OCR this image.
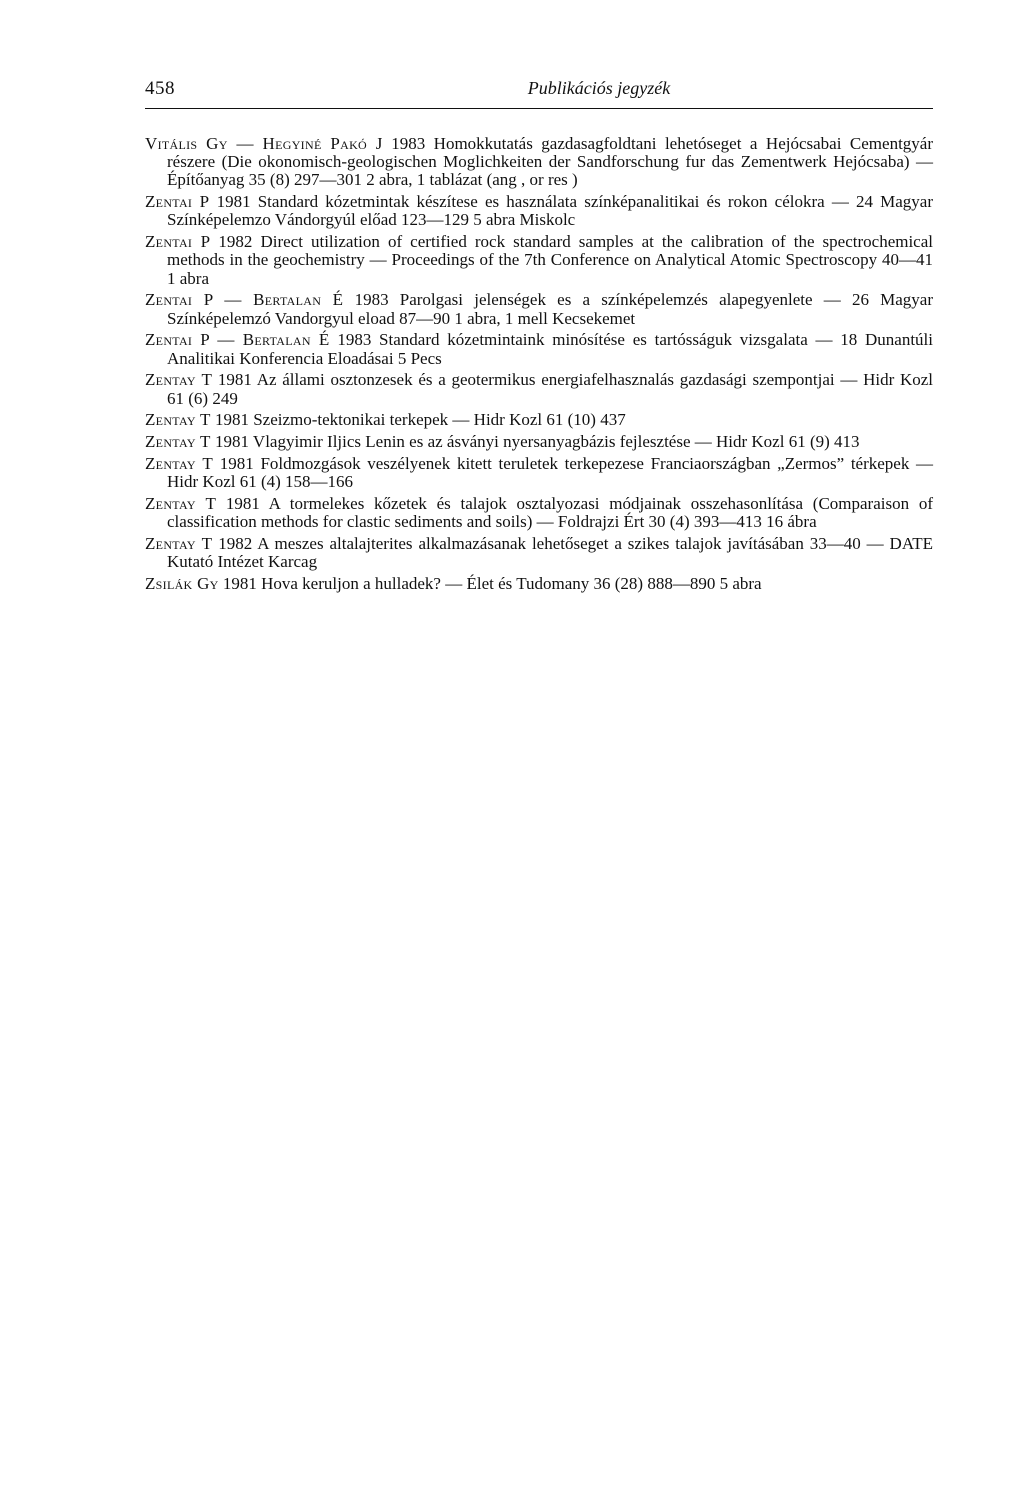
458	Publikációs jegyzék

Vitális Gy — Hegyiné Pakó J 1983 Homokkutatás gazdasagfoldtani lehetóseget a Hejócsabai Cementgyár részere (Die okonomisch-geologischen Moglichkeiten der Sandforschung fur das Zementwerk Hejócsaba) — Építőanyag 35 (8) 297—301 2 abra, 1 tablázat (ang , or res )

Zentai P 1981 Standard kózetmintak készítese es használata színképanalitikai és rokon célokra — 24 Magyar Színképelemzo Vándorgyúl előad 123—129 5 abra Miskolc

Zentai P 1982 Direct utilization of certified rock standard samples at the calibration of the spectrochemical methods in the geochemistry — Proceedings of the 7th Conference on Analytical Atomic Spectroscopy 40—41 1 abra

Zentai P — Bertalan É 1983 Parolgasi jelenségek es a színképelemzés alapegyenlete — 26 Magyar Színképelemzó Vandorgyul eload 87—90 1 abra, 1 mell Kecsekemet

Zentai P — Bertalan É 1983 Standard kózetmintaink minósítése es tartósságuk vizsgalata — 18 Dunantúli Analitikai Konferencia Eloadásai 5 Pecs

Zentay T 1981 Az állami osztonzesek és a geotermikus energiafelhasznalás gazdasági szempontjai — Hidr Kozl 61 (6) 249

Zentay T 1981 Szeizmo-tektonikai terkepek — Hidr Kozl 61 (10) 437

Zentay T 1981 Vlagyimir Iljics Lenin es az ásványi nyersanyagbázis fejlesztése — Hidr Kozl 61 (9) 413

Zentay T 1981 Foldmozgások veszélyenek kitett teruletek terkepezese Franciaországban „Zermos” térkepek — Hidr Kozl 61 (4) 158—166

Zentay T 1981 A tormelekes kőzetek és talajok osztalyozasi módjainak osszehasonlítása (Comparaison of classification methods for clastic sediments and soils) — Foldrajzi Ért 30 (4) 393—413 16 ábra

Zentay T 1982 A meszes altalajterites alkalmazásanak lehetőseget a szikes talajok javításában 33—40 — DATE Kutató Intézet Karcag

Zsilák Gy 1981 Hova keruljon a hulladek? — Élet és Tudomany 36 (28) 888—890 5 abra
